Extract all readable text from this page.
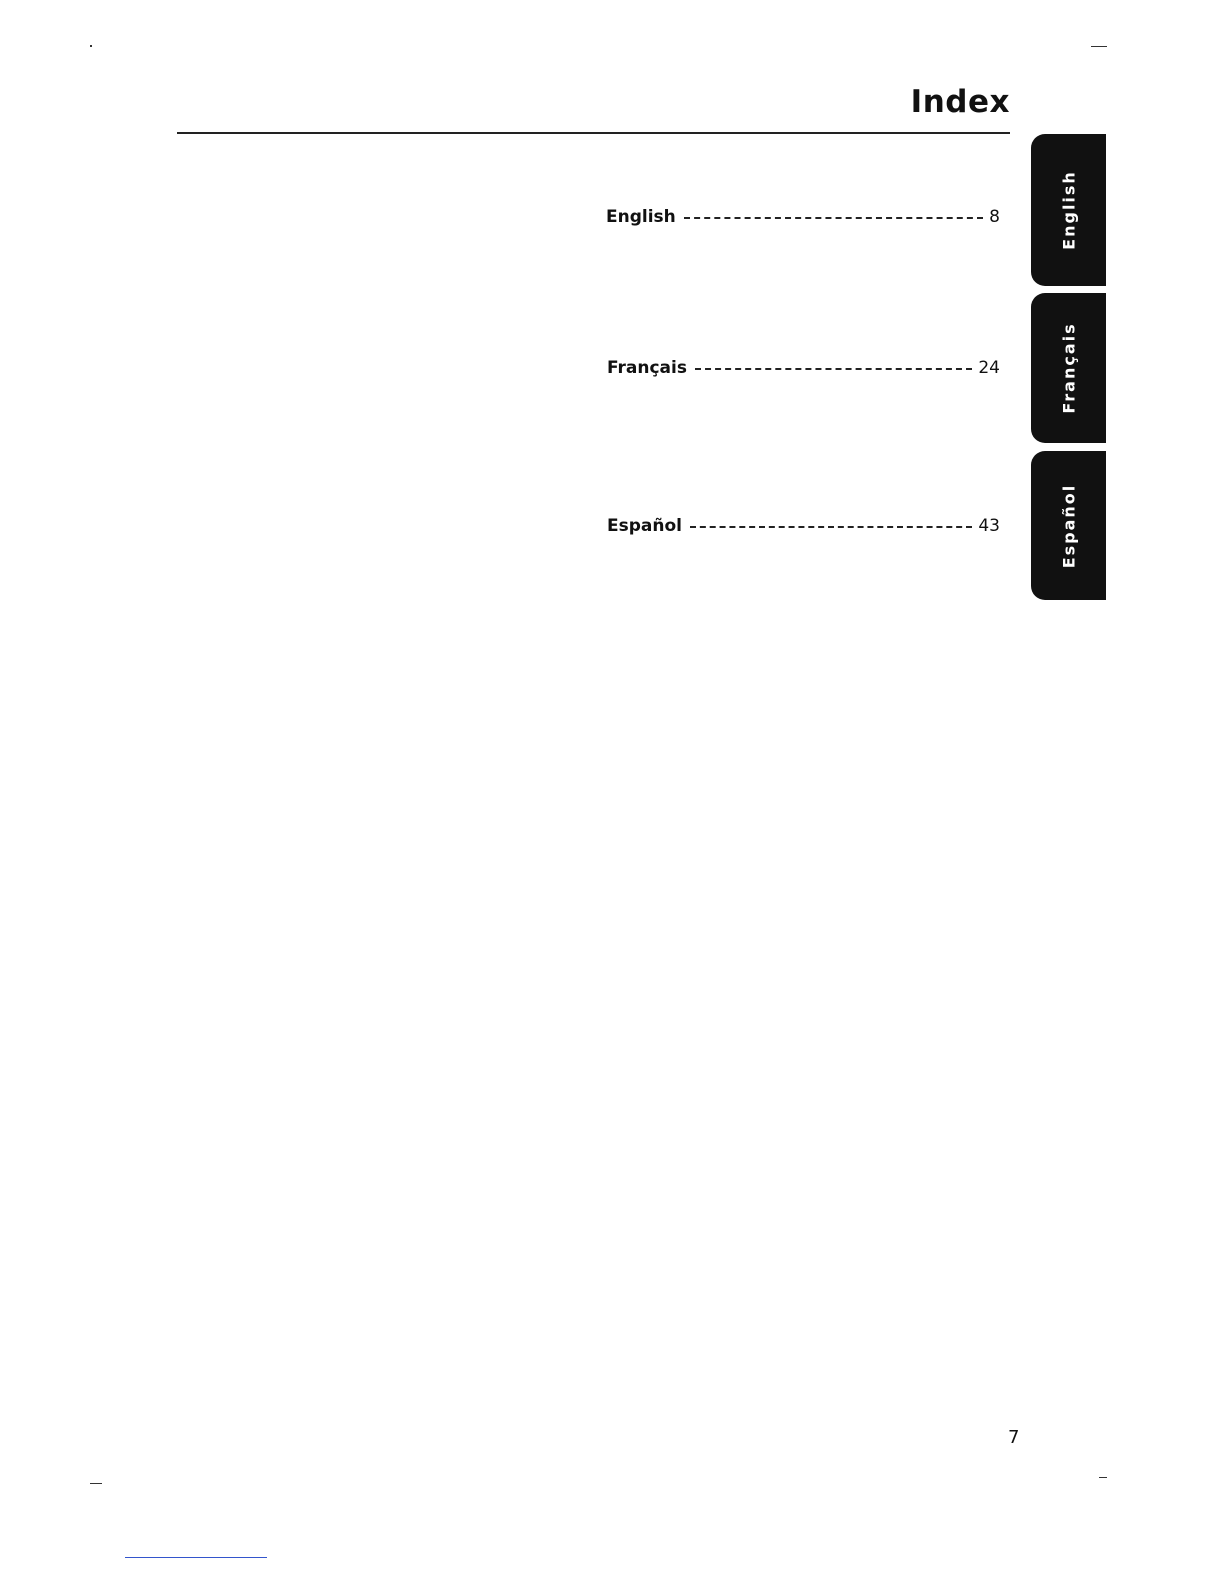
Index
English	8
Français	24
Español	43
English
Français
Español
7
